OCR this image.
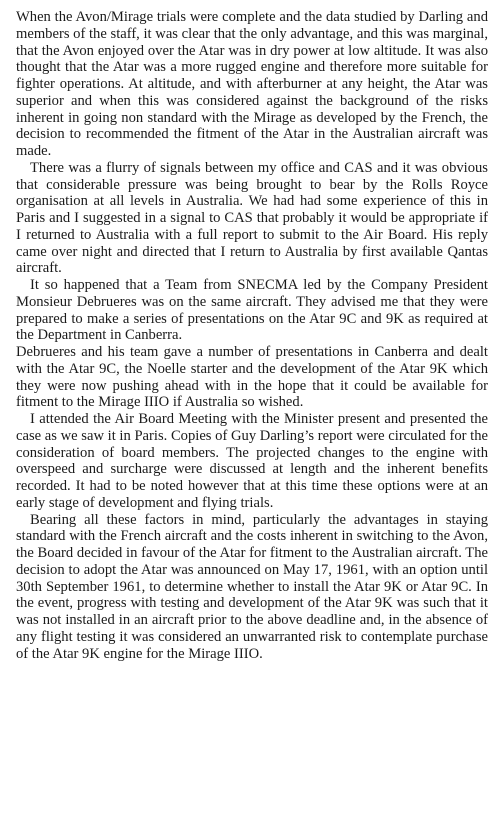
When the Avon/Mirage trials were complete and the data studied by Darling and members of the staff, it was clear that the only advantage, and this was marginal, that the Avon enjoyed over the Atar was in dry power at low altitude. It was also thought that the Atar was a more rugged engine and therefore more suitable for fighter operations. At altitude, and with afterburner at any height, the Atar was superior and when this was considered against the background of the risks inherent in going non standard with the Mirage as developed by the French, the decision to recommended the fitment of the Atar in the Australian aircraft was made.

There was a flurry of signals between my office and CAS and it was obvious that considerable pressure was being brought to bear by the Rolls Royce organisation at all levels in Australia. We had had some experience of this in Paris and I suggested in a signal to CAS that probably it would be appropriate if I returned to Australia with a full report to submit to the Air Board. His reply came over night and directed that I return to Australia by first available Qantas aircraft.

It so happened that a Team from SNECMA led by the Company President Monsieur Debrueres was on the same aircraft. They advised me that they were prepared to make a series of presentations on the Atar 9C and 9K as required at the Department in Canberra.

Debrueres and his team gave a number of presentations in Canberra and dealt with the Atar 9C, the Noelle starter and the development of the Atar 9K which they were now pushing ahead with in the hope that it could be available for fitment to the Mirage IIIO if Australia so wished.

I attended the Air Board Meeting with the Minister present and presented the case as we saw it in Paris. Copies of Guy Darling’s report were circulated for the consideration of board members. The projected changes to the engine with overspeed and surcharge were discussed at length and the inherent benefits recorded. It had to be noted however that at this time these options were at an early stage of development and flying trials.

Bearing all these factors in mind, particularly the advantages in staying standard with the French aircraft and the costs inherent in switching to the Avon, the Board decided in favour of the Atar for fitment to the Australian aircraft. The decision to adopt the Atar was announced on May 17, 1961, with an option until 30th September 1961, to determine whether to install the Atar 9K or Atar 9C. In the event, progress with testing and development of the Atar 9K was such that it was not installed in an aircraft prior to the above deadline and, in the absence of any flight testing it was considered an unwarranted risk to contemplate purchase of the Atar 9K engine for the Mirage IIIO.
